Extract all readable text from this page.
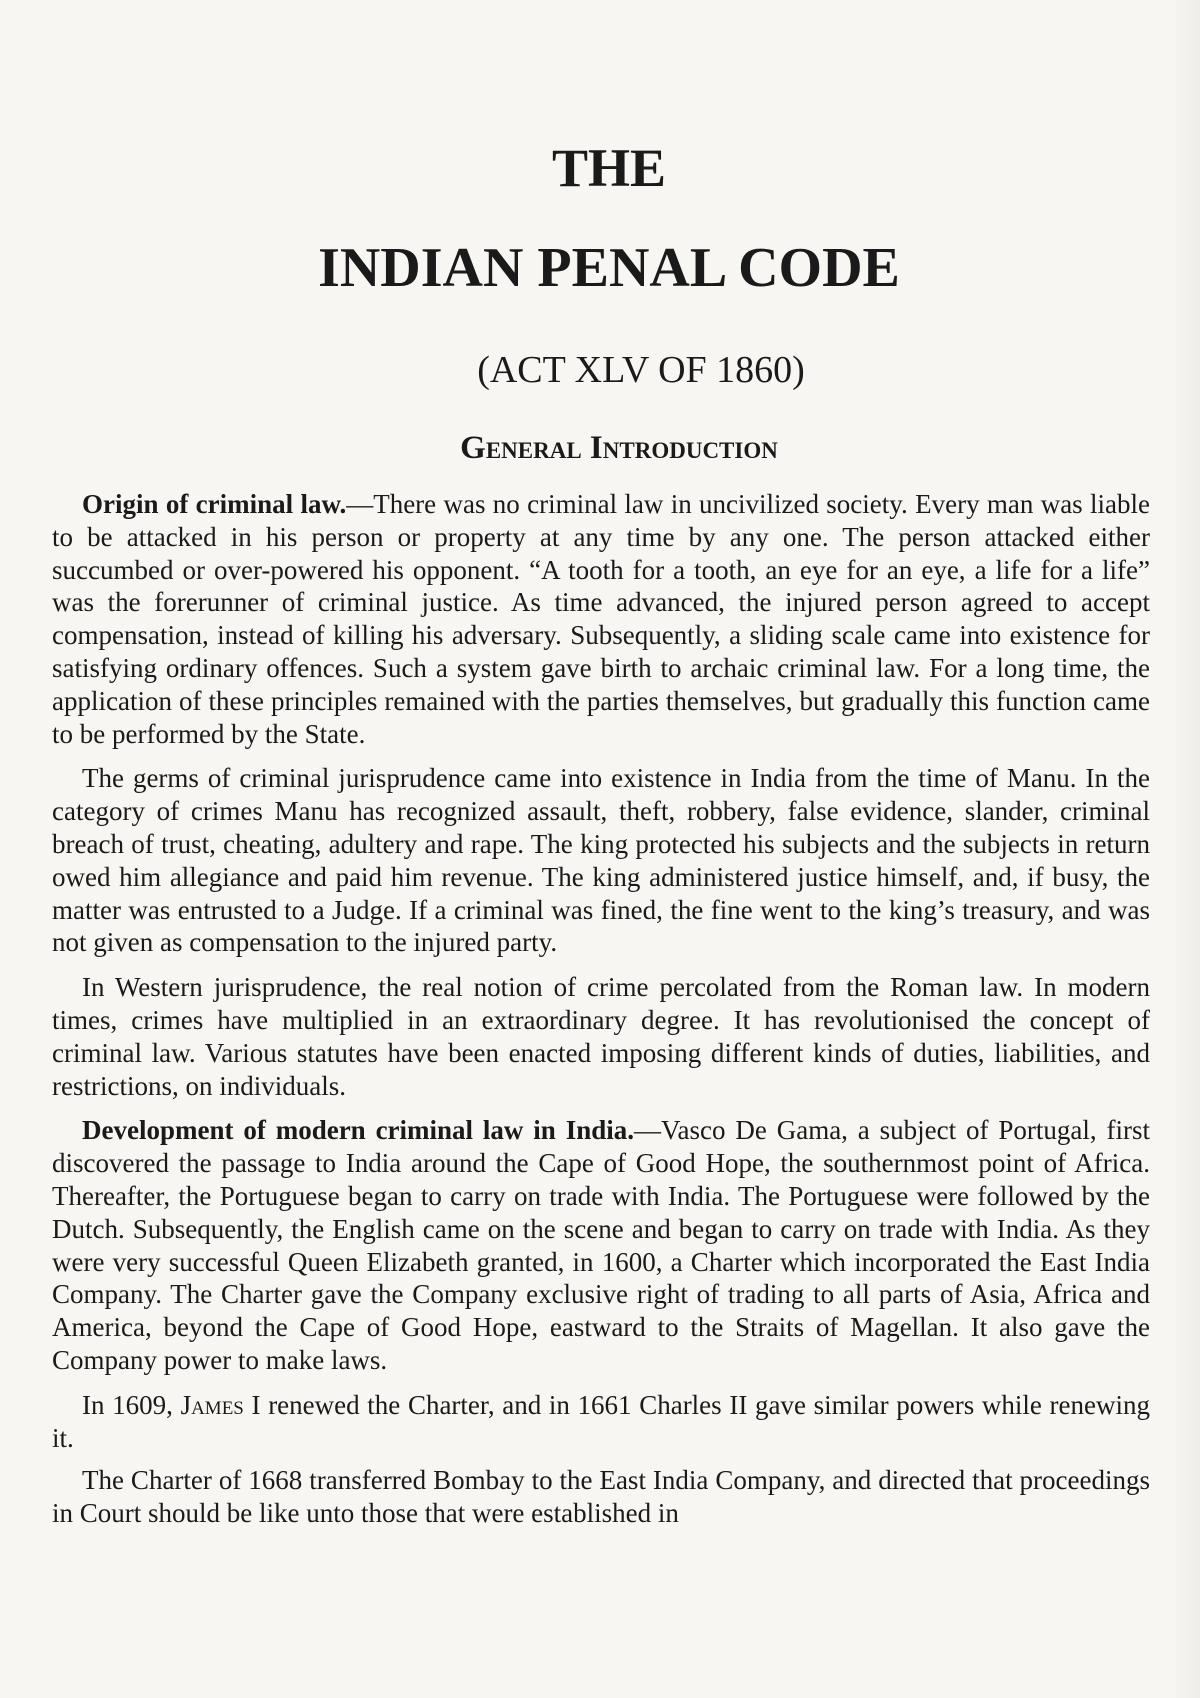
THE
INDIAN PENAL CODE
(ACT XLV OF 1860)
General Introduction

Origin of criminal law.—There was no criminal law in uncivilized society. Every man was liable to be attacked in his person or property at any time by any one. The person attacked either succumbed or over-powered his opponent. “A tooth for a tooth, an eye for an eye, a life for a life” was the forerunner of criminal justice. As time advanced, the injured person agreed to accept compensation, instead of killing his adversary. Subsequently, a sliding scale came into existence for satisfying ordinary offences. Such a system gave birth to archaic criminal law. For a long time, the application of these principles remained with the parties themselves, but gradually this function came to be performed by the State.

The germs of criminal jurisprudence came into existence in India from the time of Manu. In the category of crimes Manu has recognized assault, theft, robbery, false evidence, slander, criminal breach of trust, cheating, adultery and rape. The king protected his subjects and the subjects in return owed him allegiance and paid him revenue. The king administered justice himself, and, if busy, the matter was entrusted to a Judge. If a criminal was fined, the fine went to the king’s treasury, and was not given as compensation to the injured party.

In Western jurisprudence, the real notion of crime percolated from the Roman law. In modern times, crimes have multiplied in an extraordinary degree. It has revolutionised the concept of criminal law. Various statutes have been enacted imposing different kinds of duties, liabilities, and restrictions, on individuals.

Development of modern criminal law in India.—Vasco De Gama, a subject of Portugal, first discovered the passage to India around the Cape of Good Hope, the southernmost point of Africa. Thereafter, the Portuguese began to carry on trade with India. The Portuguese were followed by the Dutch. Subsequently, the English came on the scene and began to carry on trade with India. As they were very successful Queen Elizabeth granted, in 1600, a Charter which incorporated the East India Company. The Charter gave the Company exclusive right of trading to all parts of Asia, Africa and America, beyond the Cape of Good Hope, eastward to the Straits of Magellan. It also gave the Company power to make laws.

In 1609, James I renewed the Charter, and in 1661 Charles II gave similar powers while renewing it.

The Charter of 1668 transferred Bombay to the East India Company, and directed that proceedings in Court should be like unto those that were established in
